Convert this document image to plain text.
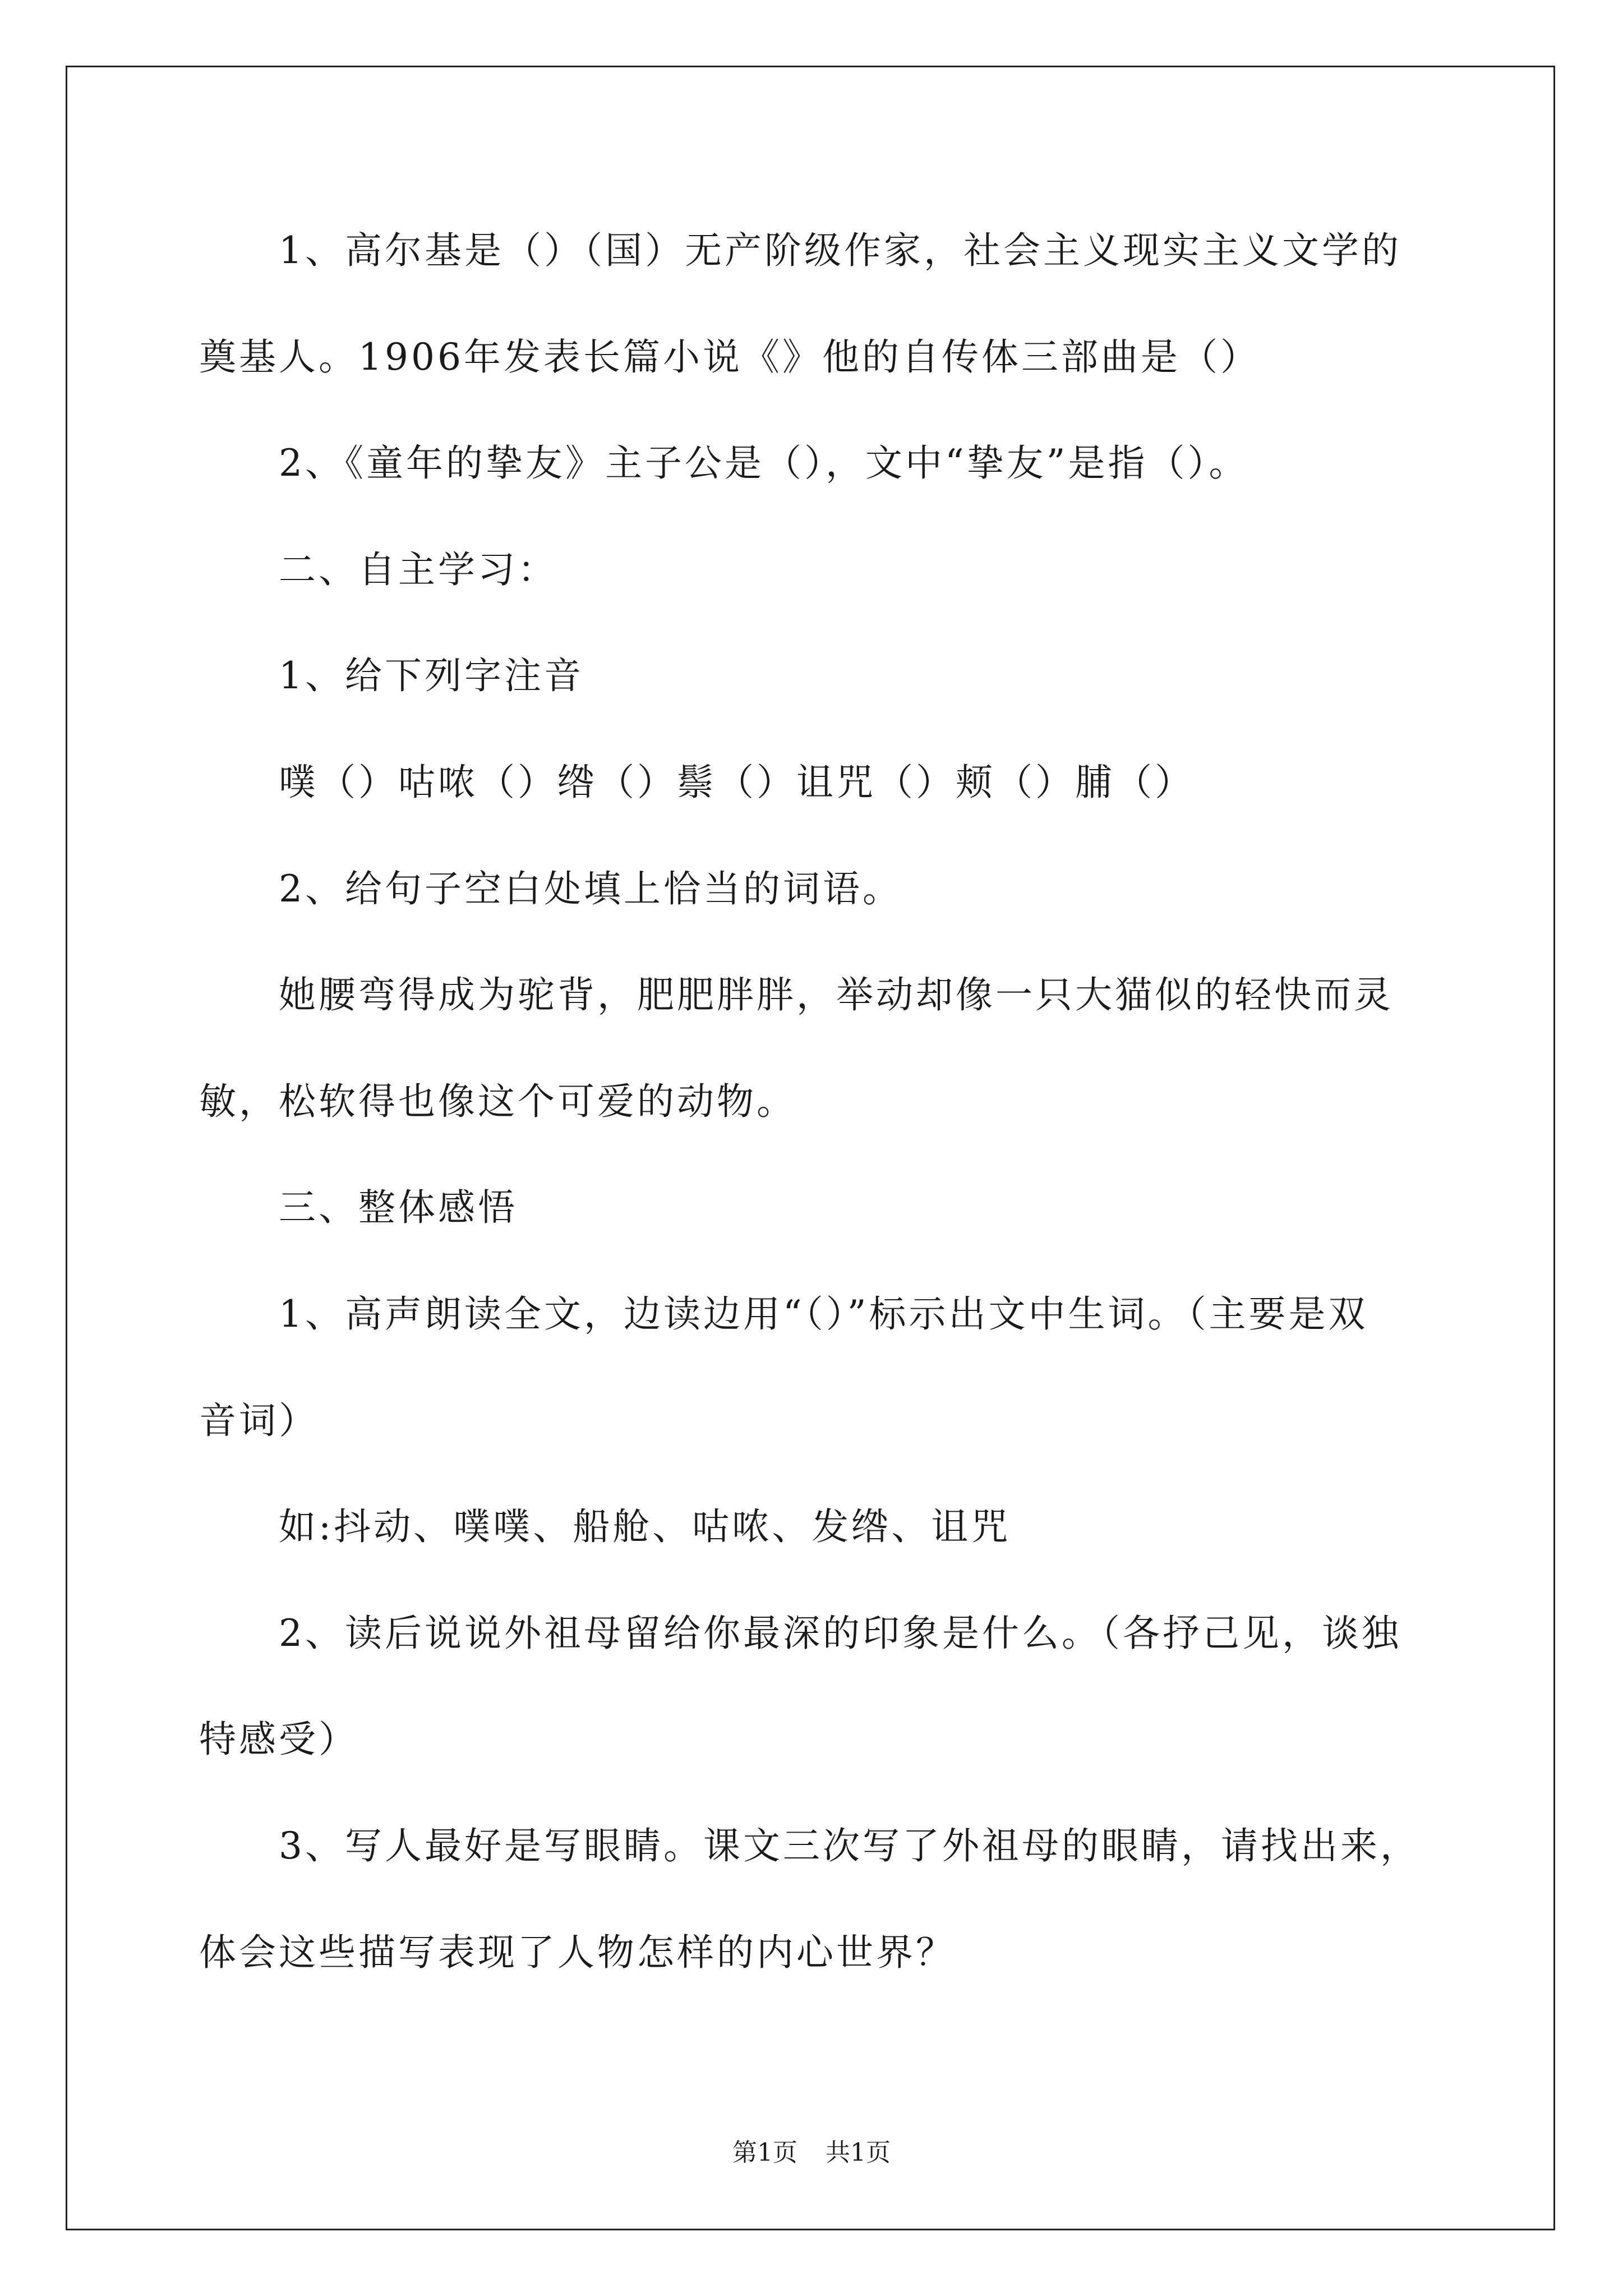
1、高尔基是（）（国）无产阶级作家，社会主义现实主义文学的
奠基人。1906年发表长篇小说《》他的自传体三部曲是（）
2、《童年的挚友》主子公是（），文中“挚友”是指（）。
二、自主学习：
1、给下列字注音
噗（）咕哝（）绺（）鬃（）诅咒（）颊（）脯（）
2、给句子空白处填上恰当的词语。
她腰弯得成为驼背，肥肥胖胖，举动却像一只大猫似的轻快而灵
敏，松软得也像这个可爱的动物。
三、整体感悟
1、高声朗读全文，边读边用“（）”标示出文中生词。（主要是双
音词）
如:抖动、噗噗、船舱、咕哝、发绺、诅咒
2、读后说说外祖母留给你最深的印象是什么。（各抒己见，谈独
特感受）
3、写人最好是写眼睛。课文三次写了外祖母的眼睛，请找出来，
体会这些描写表现了人物怎样的内心世界？
第1页 共1页
